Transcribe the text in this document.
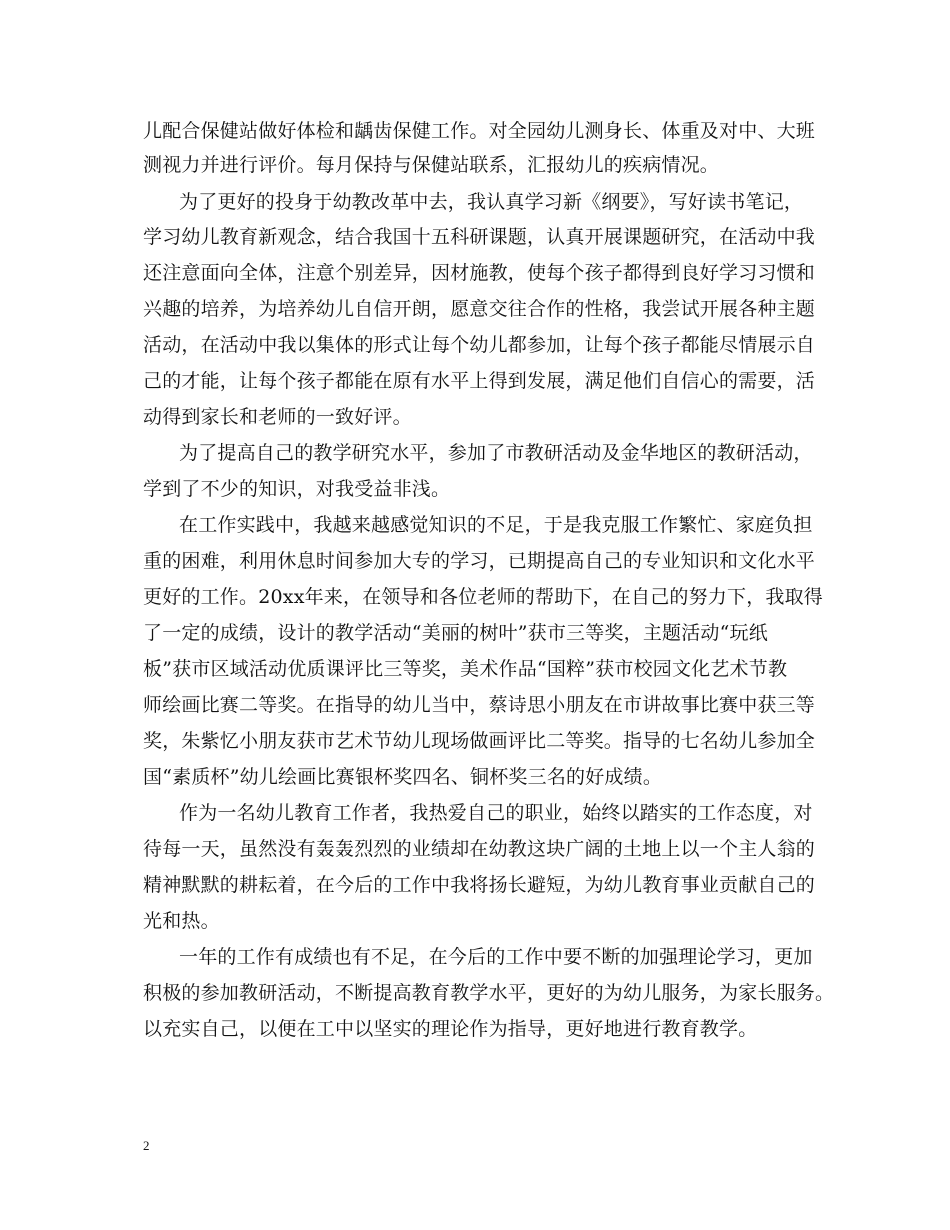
儿配合保健站做好体检和龋齿保健工作。对全园幼儿测身长、体重及对中、大班
测视力并进行评价。每月保持与保健站联系，汇报幼儿的疾病情况。
为了更好的投身于幼教改革中去，我认真学习新《纲要》，写好读书笔记，
学习幼儿教育新观念，结合我国十五科研课题，认真开展课题研究，在活动中我
还注意面向全体，注意个别差异，因材施教，使每个孩子都得到良好学习习惯和
兴趣的培养，为培养幼儿自信开朗，愿意交往合作的性格，我尝试开展各种主题
活动，在活动中我以集体的形式让每个幼儿都参加，让每个孩子都能尽情展示自
己的才能，让每个孩子都能在原有水平上得到发展，满足他们自信心的需要，活
动得到家长和老师的一致好评。
为了提高自己的教学研究水平，参加了市教研活动及金华地区的教研活动，
学到了不少的知识，对我受益非浅。
在工作实践中，我越来越感觉知识的不足，于是我克服工作繁忙、家庭负担
重的困难，利用休息时间参加大专的学习，已期提高自己的专业知识和文化水平
更好的工作。20xx年来，在领导和各位老师的帮助下，在自己的努力下，我取得
了一定的成绩，设计的教学活动“美丽的树叶”获市三等奖，主题活动“玩纸
板”获市区域活动优质课评比三等奖，美术作品“国粹”获市校园文化艺术节教
师绘画比赛二等奖。在指导的幼儿当中，蔡诗思小朋友在市讲故事比赛中获三等
奖，朱紫忆小朋友获市艺术节幼儿现场做画评比二等奖。指导的七名幼儿参加全
国“素质杯”幼儿绘画比赛银杯奖四名、铜杯奖三名的好成绩。
作为一名幼儿教育工作者，我热爱自己的职业，始终以踏实的工作态度，对
待每一天，虽然没有轰轰烈烈的业绩却在幼教这块广阔的土地上以一个主人翁的
精神默默的耕耘着，在今后的工作中我将扬长避短，为幼儿教育事业贡献自己的
光和热。
一年的工作有成绩也有不足，在今后的工作中要不断的加强理论学习，更加
积极的参加教研活动，不断提高教育教学水平，更好的为幼儿服务，为家长服务。
以充实自己，以便在工中以坚实的理论作为指导，更好地进行教育教学。
2
